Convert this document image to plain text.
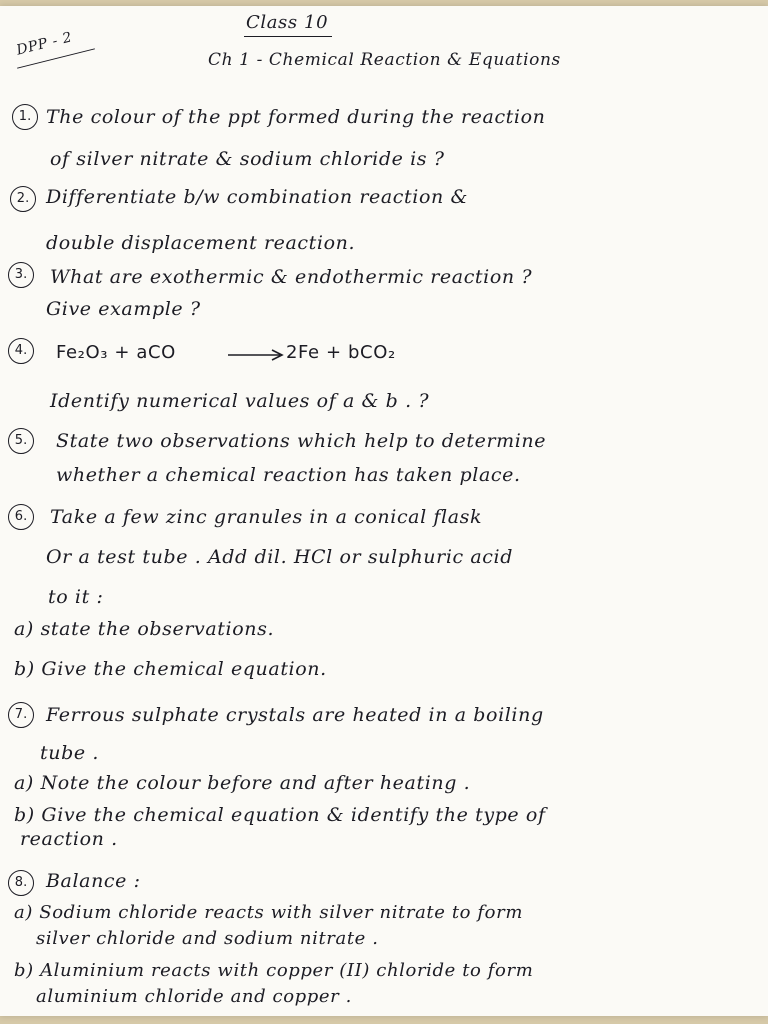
Class 10
DPP - 2
Ch 1 - Chemical Reaction & Equations
1. The colour of the ppt formed during the reaction
of silver nitrate & sodium chloride is ?
2. Differentiate b/w combination reaction &
double displacement reaction.
3.	What are exothermic & endothermic reaction ?
Give example ?
4.	Fe₂O₃ + aCO	→ 2Fe + bCO₂
Identify numerical values of a & b . ?
5.	State two observations which help to determine
whether a chemical reaction has taken place.
6.	Take a few zinc granules in a conical flask
Or a test tube . Add dil. HCl or sulphuric acid
to it :
a) state the observations.
b) Give the chemical equation.
7. Ferrous sulphate crystals are heated in a boiling
tube .
a) Note the colour before and after heating .
b) Give the chemical equation & identify the type of
reaction .
8. Balance :
a) Sodium chloride reacts with silver nitrate to form
silver chloride and sodium nitrate .
b) Aluminium reacts with copper (II) chloride to form
aluminium chloride and copper .
